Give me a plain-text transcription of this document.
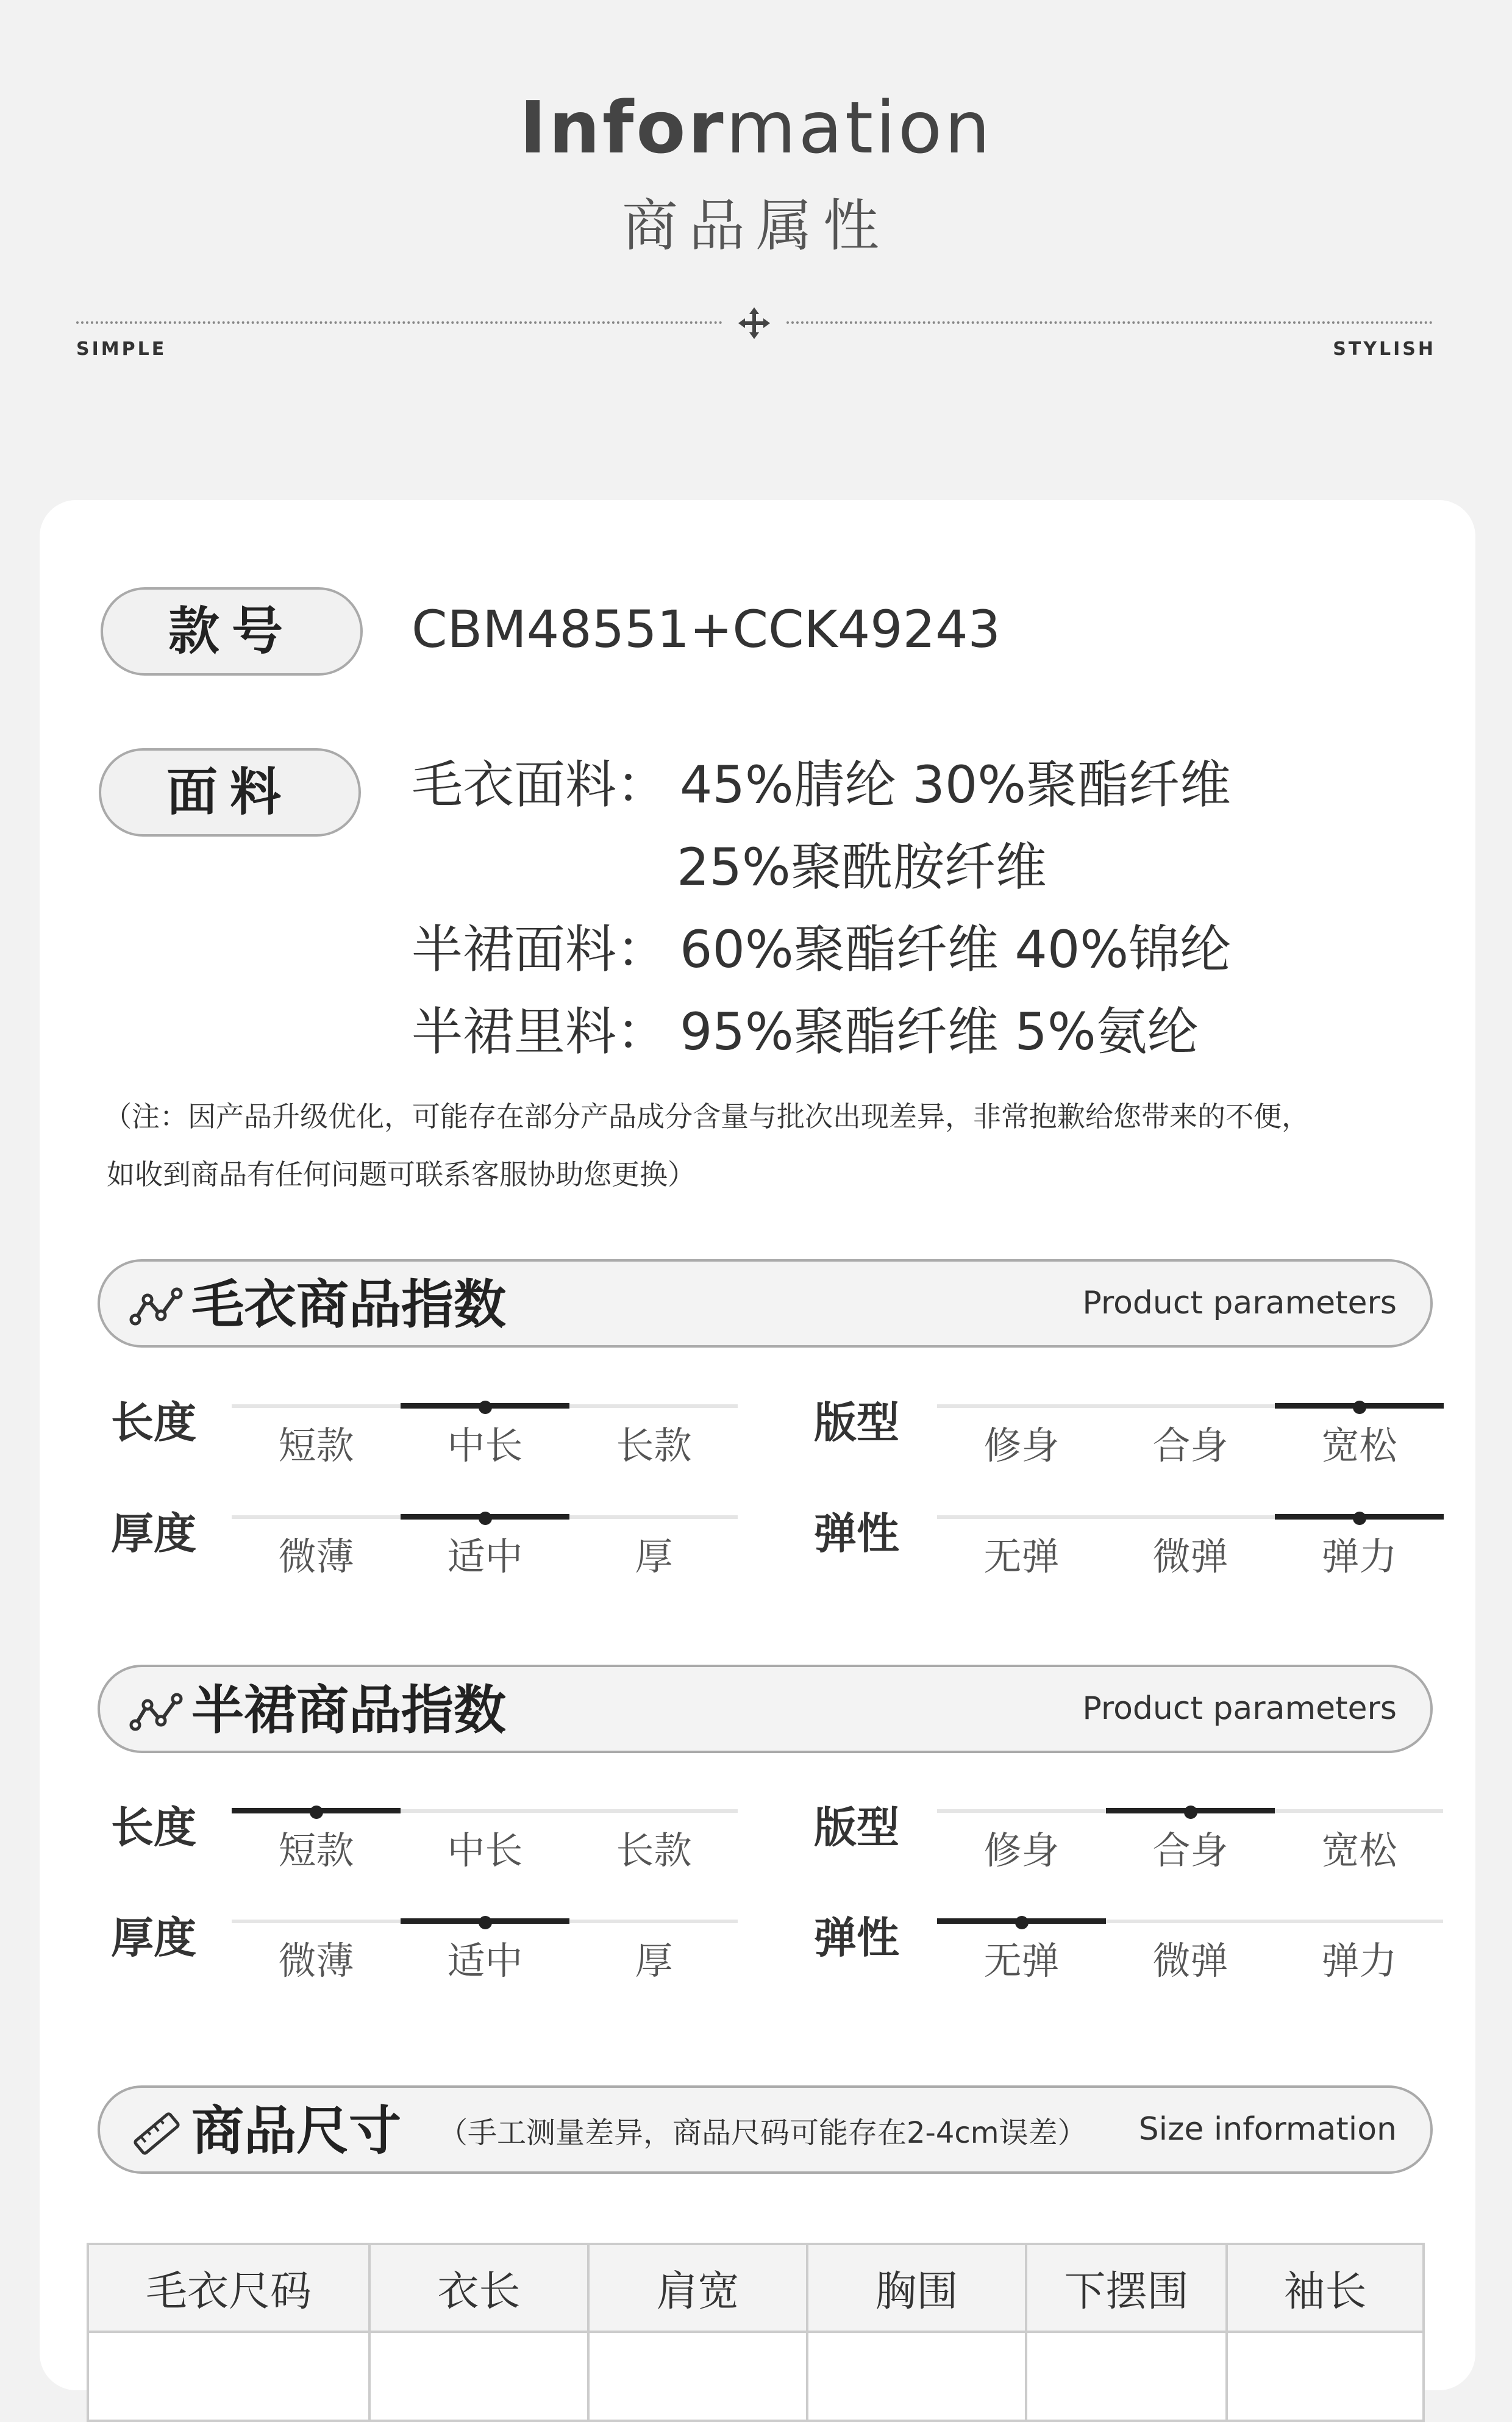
Information
商品属性
SIMPLE	STYLISH
款号	CBM48551+CCK49243
面料	毛衣面料： 45%腈纶 30%聚酯纤维
25%聚酰胺纤维
半裙面料： 60%聚酯纤维 40%锦纶
半裙里料： 95%聚酯纤维 5%氨纶
（注：因产品升级优化，可能存在部分产品成分含量与批次出现差异，非常抱歉给您带来的不便，
如收到商品有任何问题可联系客服协助您更换）
毛衣商品指数	Product parameters
长度	短款	中长	长款	版型	修身	合身	宽松
厚度	微薄	适中	厚	弹性	无弹	微弹	弹力
半裙商品指数	Product parameters
长度	短款	中长	长款	版型	修身	合身	宽松
厚度	微薄	适中	厚	弹性	无弹	微弹	弹力
商品尺寸 （手工测量差异，商品尺码可能存在2-4cm误差） Size information
毛衣尺码	衣长	肩宽	胸围	下摆围	袖长
